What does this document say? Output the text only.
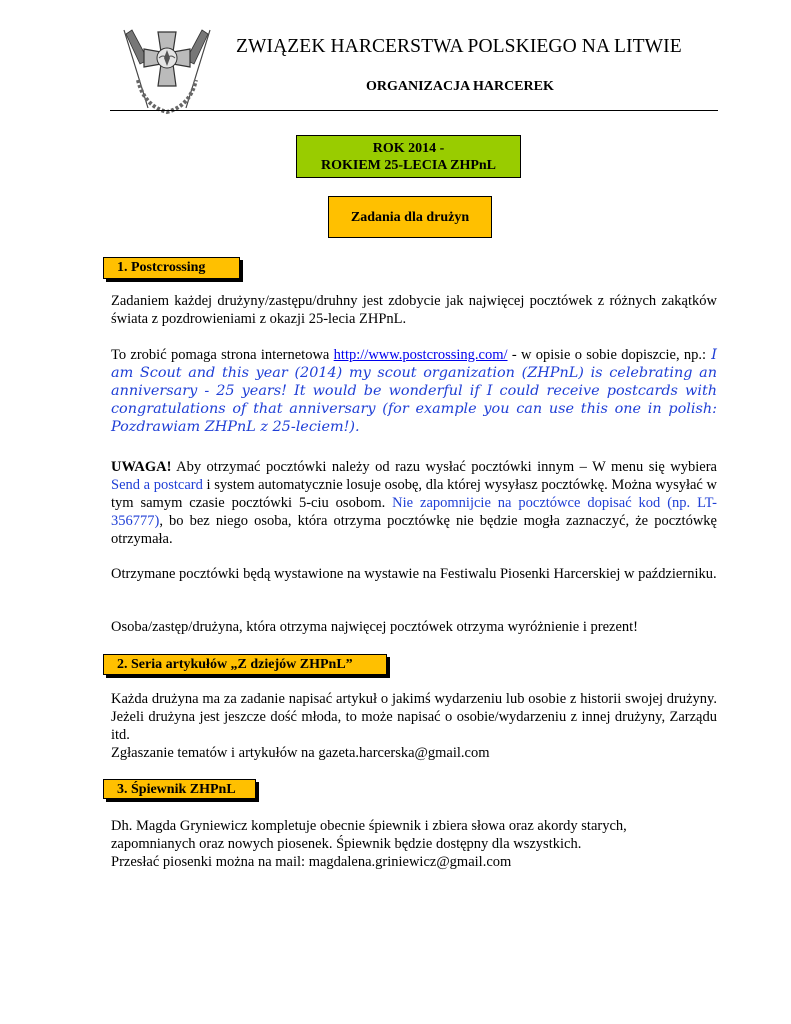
ZWIĄZEK HARCERSTWA POLSKIEGO NA LITWIE
ORGANIZACJA HARCEREK
ROK 2014 -
ROKIEM 25-LECIA ZHPnL
Zadania dla drużyn
1. Postcrossing
Zadaniem każdej drużyny/zastępu/druhny jest zdobycie jak najwięcej pocztówek z różnych zakątków świata z pozdrowieniami z okazji 25-lecia ZHPnL.
To zrobić pomaga strona internetowa http://www.postcrossing.com/ - w opisie o sobie dopiszcie, np.: I am Scout and this year (2014) my scout organization (ZHPnL) is celebrating an anniversary - 25 years! It would be wonderful if I could receive postcards with congratulations of that anniversary (for example you can use this one in polish: Pozdrawiam ZHPnL z 25-leciem!).
UWAGA! Aby otrzymać pocztówki należy od razu wysłać pocztówki innym – W menu się wybiera Send a postcard i system automatycznie losuje osobę, dla której wysyłasz pocztówkę. Można wysyłać w tym samym czasie pocztówki 5-ciu osobom. Nie zapomnijcie na pocztówce dopisać kod (np. LT-356777), bo bez niego osoba, która otrzyma pocztówkę nie będzie mogła zaznaczyć, że pocztówkę otrzymała.
Otrzymane pocztówki będą wystawione na wystawie na Festiwalu Piosenki Harcerskiej w październiku.
Osoba/zastęp/drużyna, która otrzyma najwięcej pocztówek otrzyma wyróżnienie i prezent!
2. Seria artykułów „Z dziejów ZHPnL”
Każda drużyna ma za zadanie napisać artykuł o jakimś wydarzeniu lub osobie z historii swojej drużyny. Jeżeli drużyna jest jeszcze dość młoda, to może napisać o osobie/wydarzeniu z innej drużyny, Zarządu itd.
Zgłaszanie tematów i artykułów na gazeta.harcerska@gmail.com
3. Śpiewnik ZHPnL
Dh. Magda Gryniewicz kompletuje obecnie śpiewnik i zbiera słowa oraz akordy starych,
zapomnianych oraz nowych piosenek. Śpiewnik będzie dostępny dla wszystkich.
Przesłać piosenki można na mail: magdalena.griniewicz@gmail.com
